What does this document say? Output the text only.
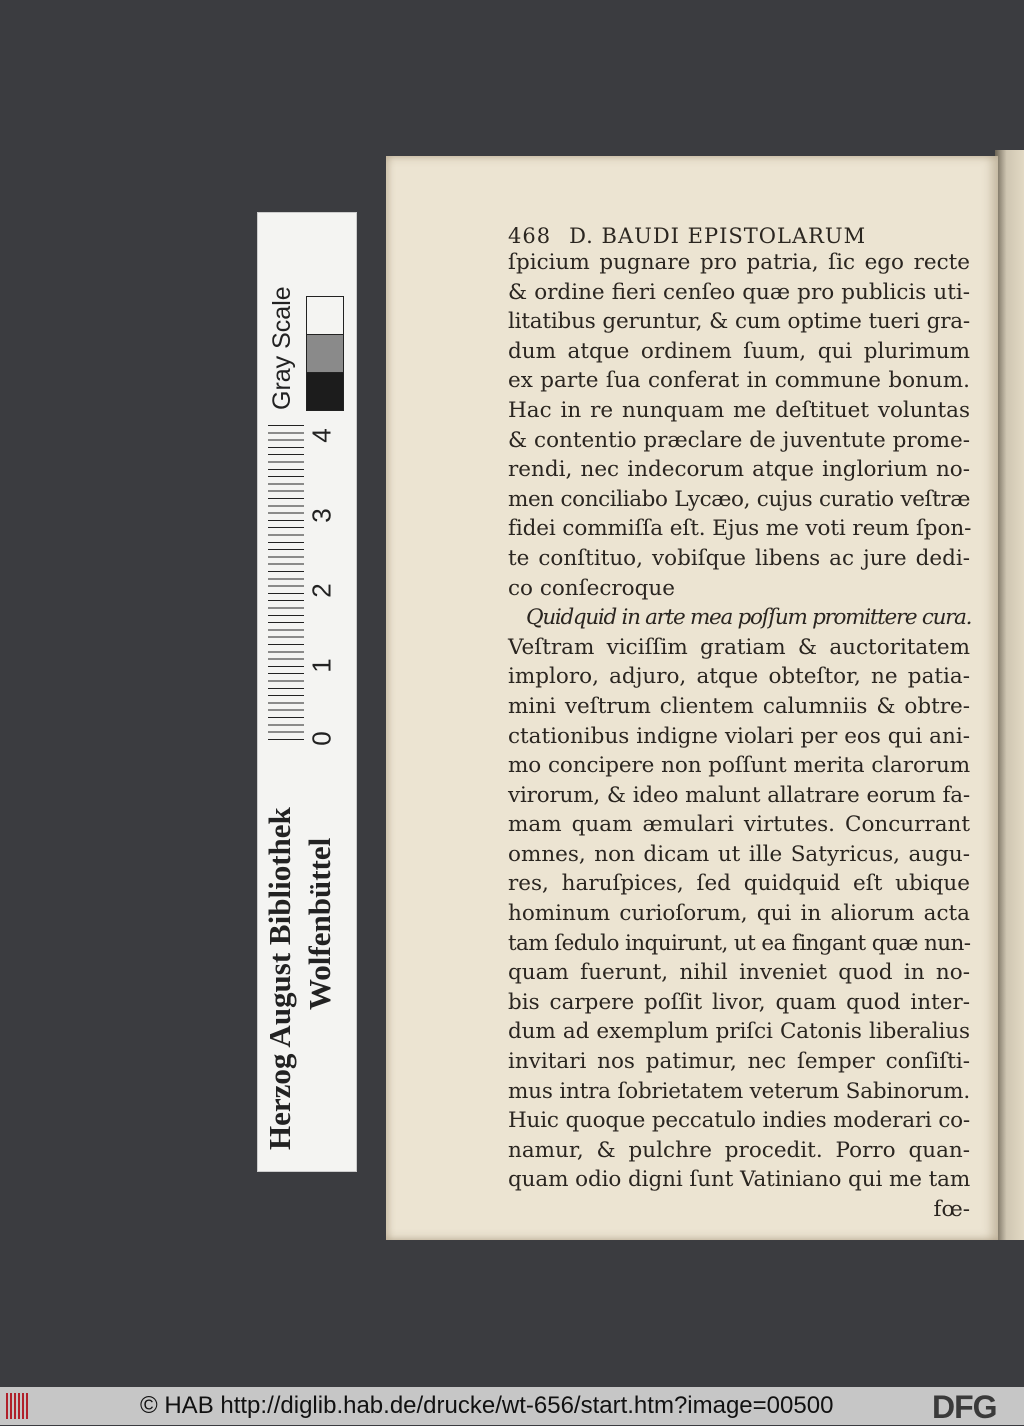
468 D. BAUDI EPISTOLARUM
ſpicium pugnare pro patria, ſic ego recte
& ordine fieri cenſeo quæ pro publicis uti-
litatibus geruntur, & cum optime tueri gra-
dum atque ordinem ſuum, qui plurimum
ex parte ſua conferat in commune bonum.
Hac in re nunquam me deſtituet voluntas
& contentio præclare de juventute prome-
rendi, nec indecorum atque inglorium no-
men conciliabo Lycæo, cujus curatio veſtræ
fidei commiſſa eſt. Ejus me voti reum ſpon-
te conſtituo, vobiſque libens ac jure dedi-
co conſecroque
Quidquid in arte mea poſſum promittere cura.
Veſtram viciſſim gratiam & auctoritatem
imploro, adjuro, atque obteſtor, ne patia-
mini veſtrum clientem calumniis & obtre-
ctationibus indigne violari per eos qui ani-
mo concipere non poſſunt merita clarorum
virorum, & ideo malunt allatrare eorum fa-
mam quam æmulari virtutes. Concurrant
omnes, non dicam ut ille Satyricus, augu-
res, haruſpices, ſed quidquid eſt ubique
hominum curioſorum, qui in aliorum acta
tam ſedulo inquirunt, ut ea fingant quæ nun-
quam fuerunt, nihil inveniet quod in no-
bis carpere poſſit livor, quam quod inter-
dum ad exemplum priſci Catonis liberalius
invitari nos patimur, nec ſemper conſiſti-
mus intra ſobrietatem veterum Sabinorum.
Huic quoque peccatulo indies moderari co-
namur, & pulchre procedit. Porro quan-
quam odio digni ſunt Vatiniano qui me tam
fœ-
Herzog August Bibliothek Wolfenbüttel
0
1
2
3
4
Gray Scale
© HAB http://diglib.hab.de/drucke/wt-656/start.htm?image=00500	DFG
